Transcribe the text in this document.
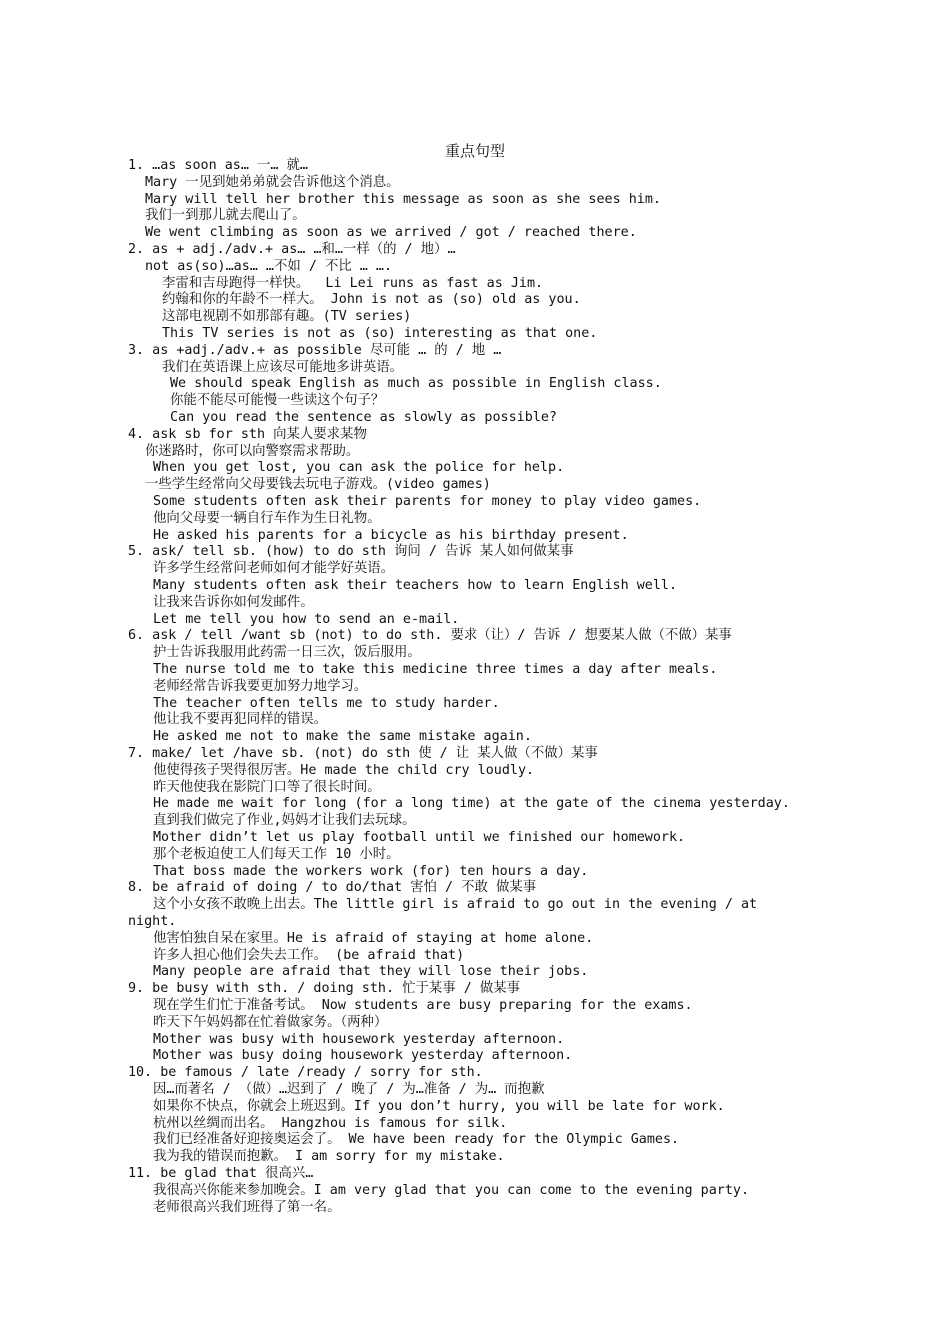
重点句型
1. …as soon as… 一… 就…
Mary 一见到她弟弟就会告诉他这个消息。
Mary will tell her brother this message as soon as she sees him.
我们一到那儿就去爬山了。
We went climbing as soon as we arrived / got / reached there.
2. as + adj./adv.+ as… …和…一样（的 / 地）…
not as(so)…as… …不如 / 不比 … ….
李雷和吉母跑得一样快。  Li Lei runs as fast as Jim.
约翰和你的年龄不一样大。 John is not as (so) old as you.
这部电视剧不如那部有趣。(TV series)
This TV series is not as (so) interesting as that one.
3. as +adj./adv.+ as possible 尽可能 … 的 / 地 …
我们在英语课上应该尽可能地多讲英语。
We should speak English as much as possible in English class.
你能不能尽可能慢一些读这个句子？
Can you read the sentence as slowly as possible?
4. ask sb for sth 向某人要求某物
你迷路时，你可以向警察需求帮助。
When you get lost, you can ask the police for help.
一些学生经常向父母要钱去玩电子游戏。(video games)
Some students often ask their parents for money to play video games.
他向父母要一辆自行车作为生日礼物。
He asked his parents for a bicycle as his birthday present.
5. ask/ tell sb. (how) to do sth 询问 / 告诉 某人如何做某事
许多学生经常问老师如何才能学好英语。
Many students often ask their teachers how to learn English well.
让我来告诉你如何发邮件。
Let me tell you how to send an e-mail.
6. ask / tell /want sb (not) to do sth. 要求（让）/ 告诉 / 想要某人做（不做）某事
护士告诉我服用此药需一日三次，饭后服用。
The nurse told me to take this medicine three times a day after meals.
老师经常告诉我要更加努力地学习。
The teacher often tells me to study harder.
他让我不要再犯同样的错误。
He asked me not to make the same mistake again.
7. make/ let /have sb. (not) do sth 使 / 让 某人做（不做）某事
他使得孩子哭得很厉害。He made the child cry loudly.
昨天他使我在影院门口等了很长时间。
He made me wait for long (for a long time) at the gate of the cinema yesterday.
直到我们做完了作业,妈妈才让我们去玩球。
Mother didn’t let us play football until we finished our homework.
那个老板迫使工人们每天工作 10 小时。
That boss made the workers work (for) ten hours a day.
8. be afraid of doing / to do/that 害怕 / 不敢 做某事
这个小女孩不敢晚上出去。The little girl is afraid to go out in the evening / at
night.
他害怕独自呆在家里。He is afraid of staying at home alone.
许多人担心他们会失去工作。 (be afraid that)
Many people are afraid that they will lose their jobs.
9. be busy with sth. / doing sth. 忙于某事 / 做某事
现在学生们忙于准备考试。 Now students are busy preparing for the exams.
昨天下午妈妈都在忙着做家务。（两种）
Mother was busy with housework yesterday afternoon.
Mother was busy doing housework yesterday afternoon.
10. be famous / late /ready / sorry for sth.
因…而著名 / （做）…迟到了 / 晚了 / 为…准备 / 为… 而抱歉
如果你不快点，你就会上班迟到。If you don’t hurry, you will be late for work.
杭州以丝绸而出名。 Hangzhou is famous for silk.
我们已经准备好迎接奥运会了。 We have been ready for the Olympic Games.
我为我的错误而抱歉。 I am sorry for my mistake.
11. be glad that 很高兴…
我很高兴你能来参加晚会。I am very glad that you can come to the evening party.
老师很高兴我们班得了第一名。
